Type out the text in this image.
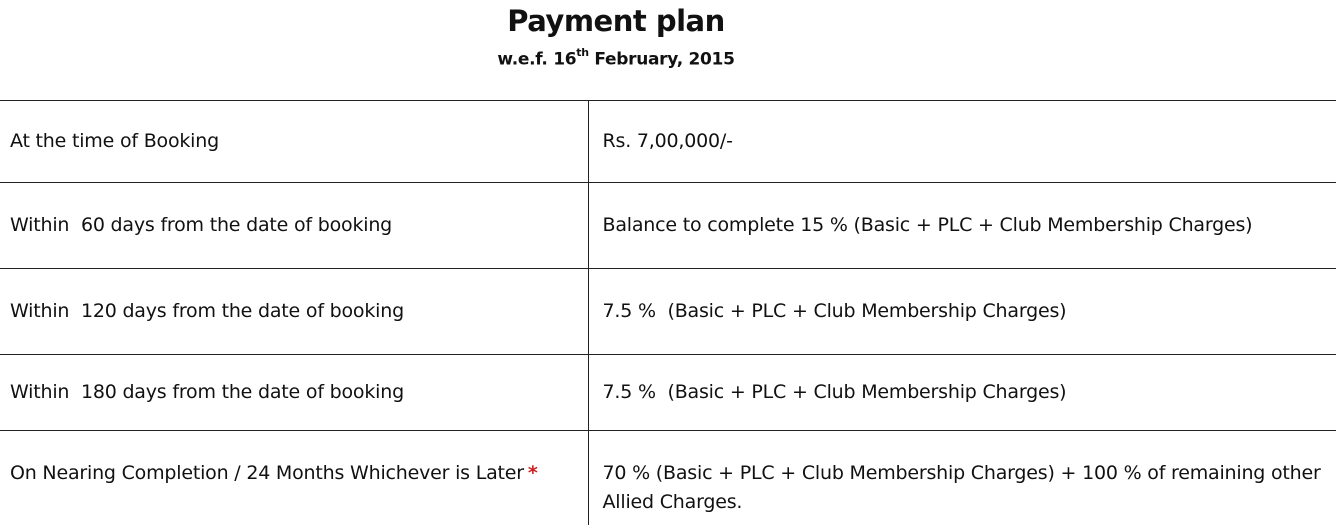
Payment plan
w.e.f. 16th February, 2015
At the time of Booking	Rs. 7,00,000/-
Within  60 days from the date of booking	Balance to complete 15 % (Basic + PLC + Club Membership Charges)
Within  120 days from the date of booking	7.5 %  (Basic + PLC + Club Membership Charges)
Within  180 days from the date of booking	7.5 %  (Basic + PLC + Club Membership Charges)
On Nearing Completion / 24 Months Whichever is Later *	70 % (Basic + PLC + Club Membership Charges) + 100 % of remaining other Allied Charges.
